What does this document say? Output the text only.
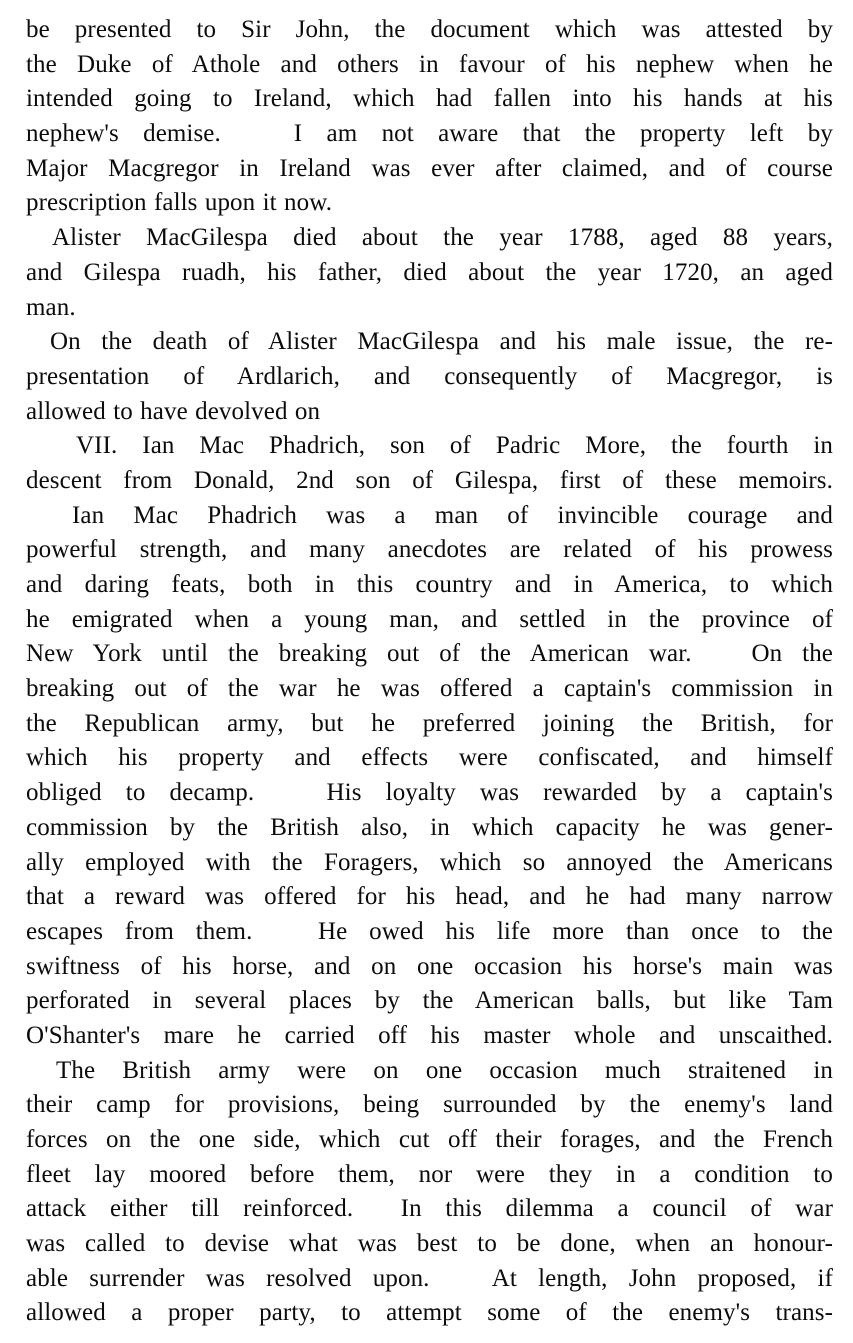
be presented to Sir John, the document which was attested by
the Duke of Athole and others in favour of his nephew when he
intended going to Ireland, which had fallen into his hands at his
nephew's demise.   I am not aware that the property left by
Major Macgregor in Ireland was ever after claimed, and of course
prescription falls upon it now.
Alister MacGilespa died about the year 1788, aged 88 years,
and Gilespa ruadh, his father, died about the year 1720, an aged
man.
On the death of Alister MacGilespa and his male issue, the re-
presentation of Ardlarich, and consequently of Macgregor, is
allowed to have devolved on
VII. Ian Mac Phadrich, son of Padric More, the fourth in
descent from Donald, 2nd son of Gilespa, first of these memoirs.
Ian Mac Phadrich was a man of invincible courage and
powerful strength, and many anecdotes are related of his prowess
and daring feats, both in this country and in America, to which
he emigrated when a young man, and settled in the province of
New York until the breaking out of the American war.   On the
breaking out of the war he was offered a captain's commission in
the Republican army, but he preferred joining the British, for
which his property and effects were confiscated, and himself
obliged to decamp.   His loyalty was rewarded by a captain's
commission by the British also, in which capacity he was gener-
ally employed with the Foragers, which so annoyed the Americans
that a reward was offered for his head, and he had many narrow
escapes from them.   He owed his life more than once to the
swiftness of his horse, and on one occasion his horse's main was
perforated in several places by the American balls, but like Tam
O'Shanter's mare he carried off his master whole and unscaithed.
The British army were on one occasion much straitened in
their camp for provisions, being surrounded by the enemy's land
forces on the one side, which cut off their forages, and the French
fleet lay moored before them, nor were they in a condition to
attack either till reinforced.  In this dilemma a council of war
was called to devise what was best to be done, when an honour-
able surrender was resolved upon.   At length, John proposed, if
allowed a proper party, to attempt some of the enemy's trans-
